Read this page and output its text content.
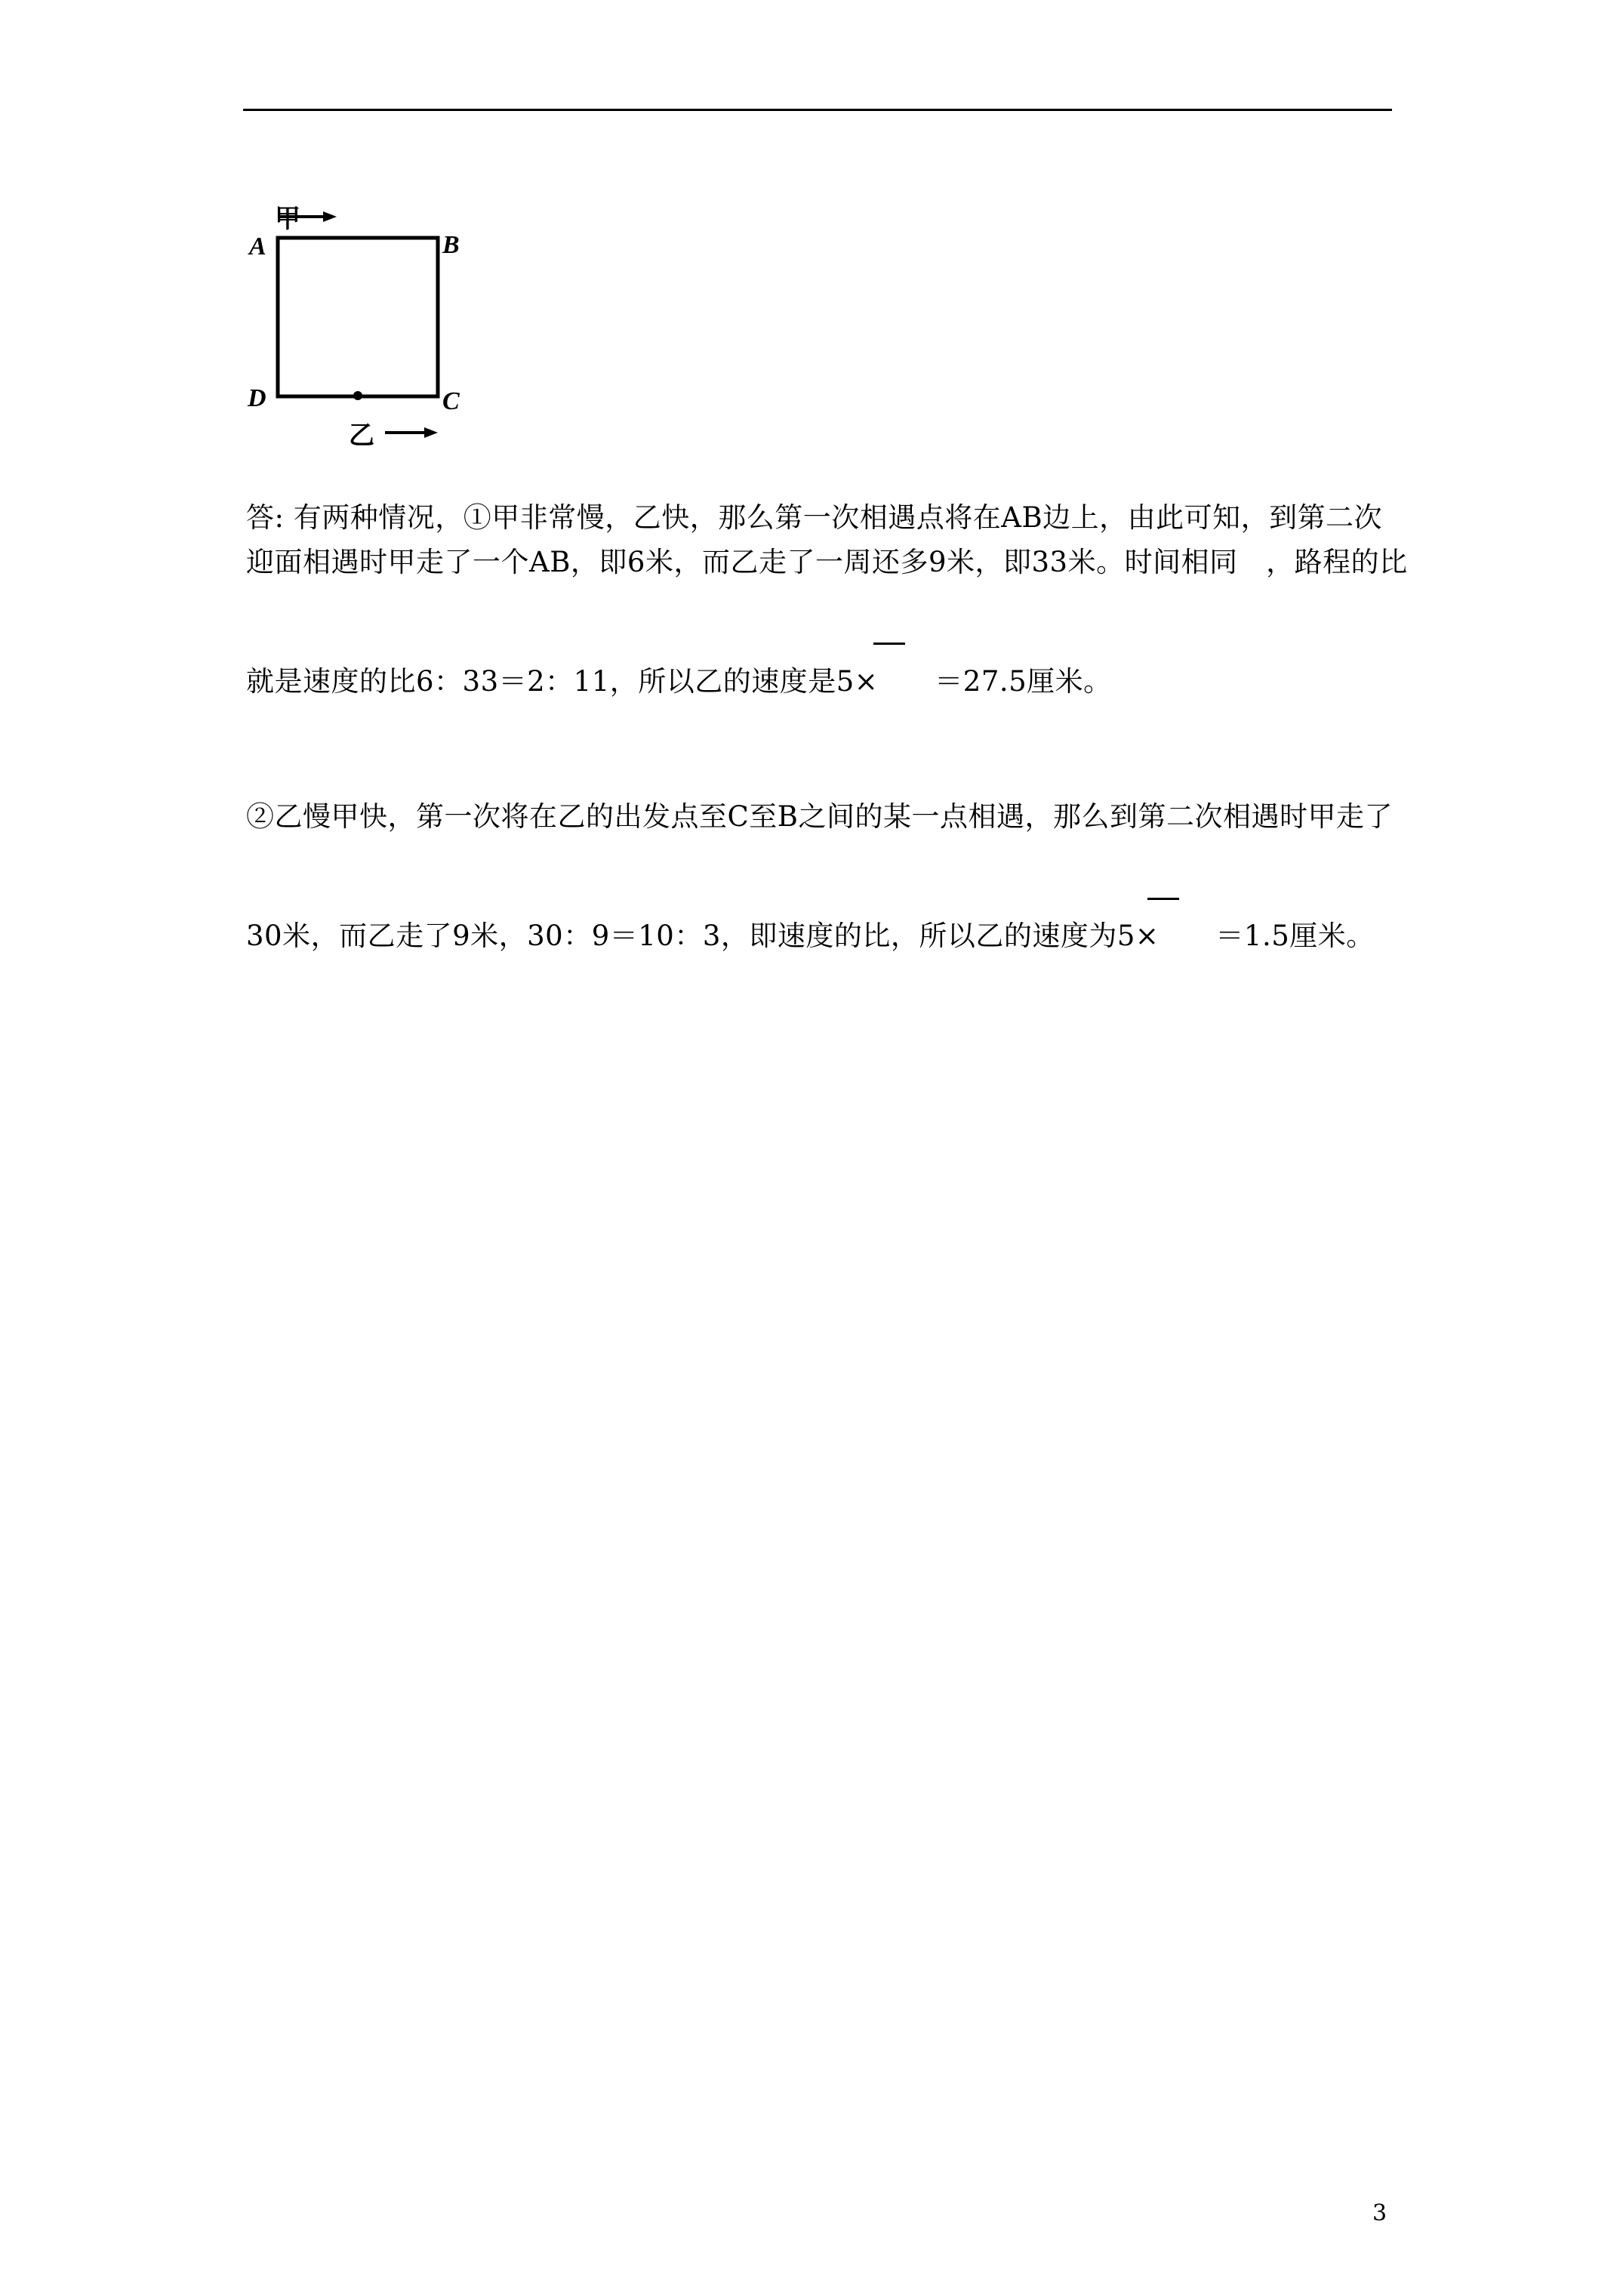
甲
A	B
D	C
乙
答: 有两种情况，①甲非常慢，乙快，那么第一次相遇点将在AB边上，由此可知，到第二次
迎面相遇时甲走了一个AB，即6米，而乙走了一周还多9米，即33米。时间相同　，路程的比
就是速度的比6：33＝2：11，所以乙的速度是5×　　＝27.5厘米。
②乙慢甲快，第一次将在乙的出发点至C至B之间的某一点相遇，那么到第二次相遇时甲走了
30米，而乙走了9米，30：9＝10：3，即速度的比，所以乙的速度为5×　　＝1.5厘米。
3
